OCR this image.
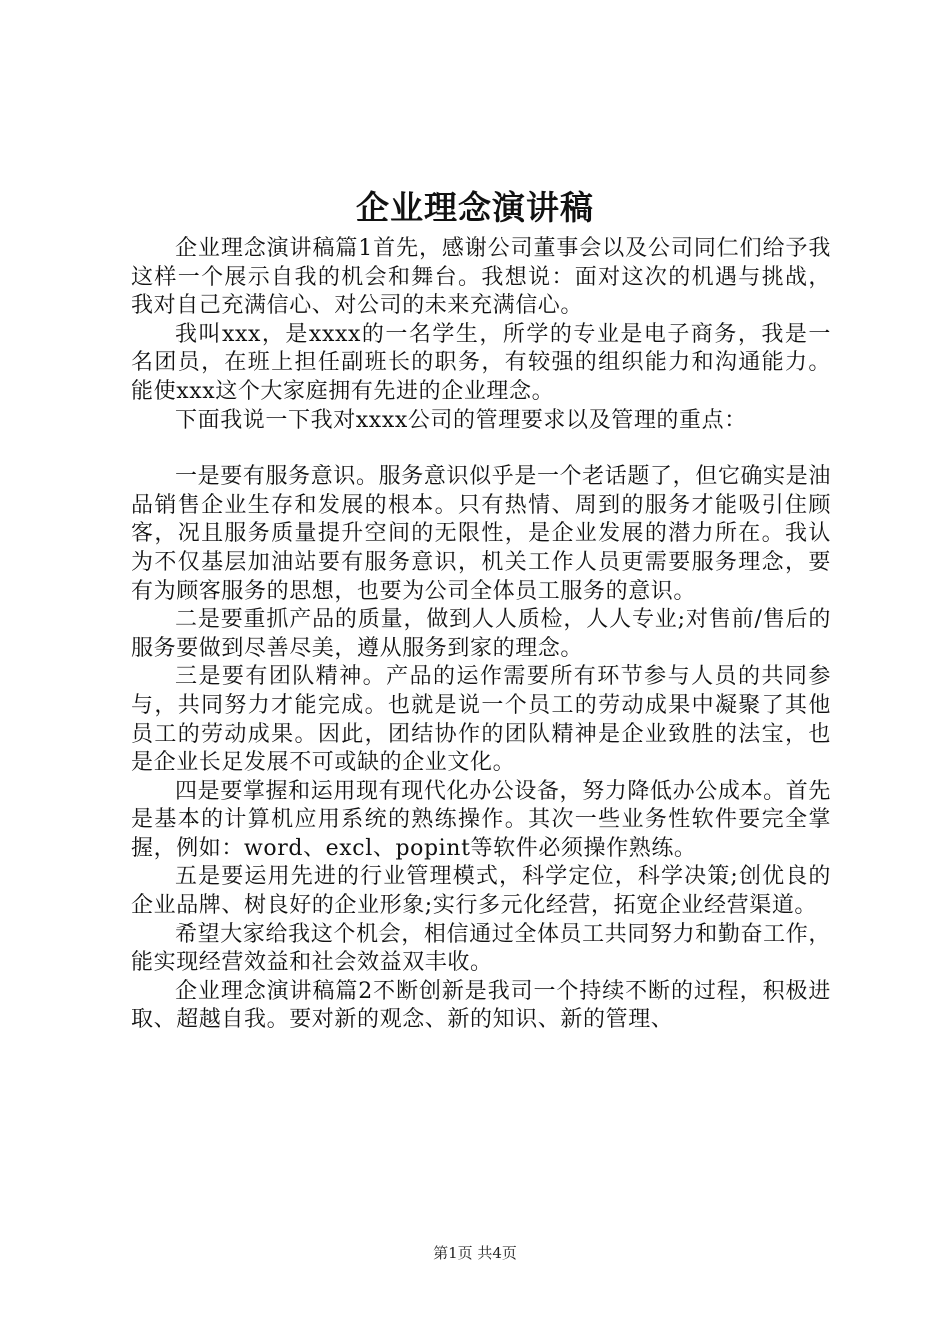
企业理念演讲稿

企业理念演讲稿篇1首先，感谢公司董事会以及公司同仁们给予我这样一个展示自我的机会和舞台。我想说：面对这次的机遇与挑战，我对自己充满信心、对公司的未来充满信心。

我叫xxx，是xxxx的一名学生，所学的专业是电子商务，我是一名团员，在班上担任副班长的职务，有较强的组织能力和沟通能力。能使xxx这个大家庭拥有先进的企业理念。

下面我说一下我对xxxx公司的管理要求以及管理的重点：

一是要有服务意识。服务意识似乎是一个老话题了，但它确实是油品销售企业生存和发展的根本。只有热情、周到的服务才能吸引住顾客，况且服务质量提升空间的无限性，是企业发展的潜力所在。我认为不仅基层加油站要有服务意识，机关工作人员更需要服务理念，要有为顾客服务的思想，也要为公司全体员工服务的意识。

二是要重抓产品的质量，做到人人质检，人人专业;对售前/售后的服务要做到尽善尽美，遵从服务到家的理念。

三是要有团队精神。产品的运作需要所有环节参与人员的共同参与，共同努力才能完成。也就是说一个员工的劳动成果中凝聚了其他员工的劳动成果。因此，团结协作的团队精神是企业致胜的法宝，也是企业长足发展不可或缺的企业文化。

四是要掌握和运用现有现代化办公设备，努力降低办公成本。首先是基本的计算机应用系统的熟练操作。其次一些业务性软件要完全掌握，例如：word、excl、popint等软件必须操作熟练。

五是要运用先进的行业管理模式，科学定位，科学决策;创优良的企业品牌、树良好的企业形象;实行多元化经营，拓宽企业经营渠道。

希望大家给我这个机会，相信通过全体员工共同努力和勤奋工作，能实现经营效益和社会效益双丰收。

企业理念演讲稿篇2不断创新是我司一个持续不断的过程，积极进取、超越自我。要对新的观念、新的知识、新的管理、

第1页 共4页
